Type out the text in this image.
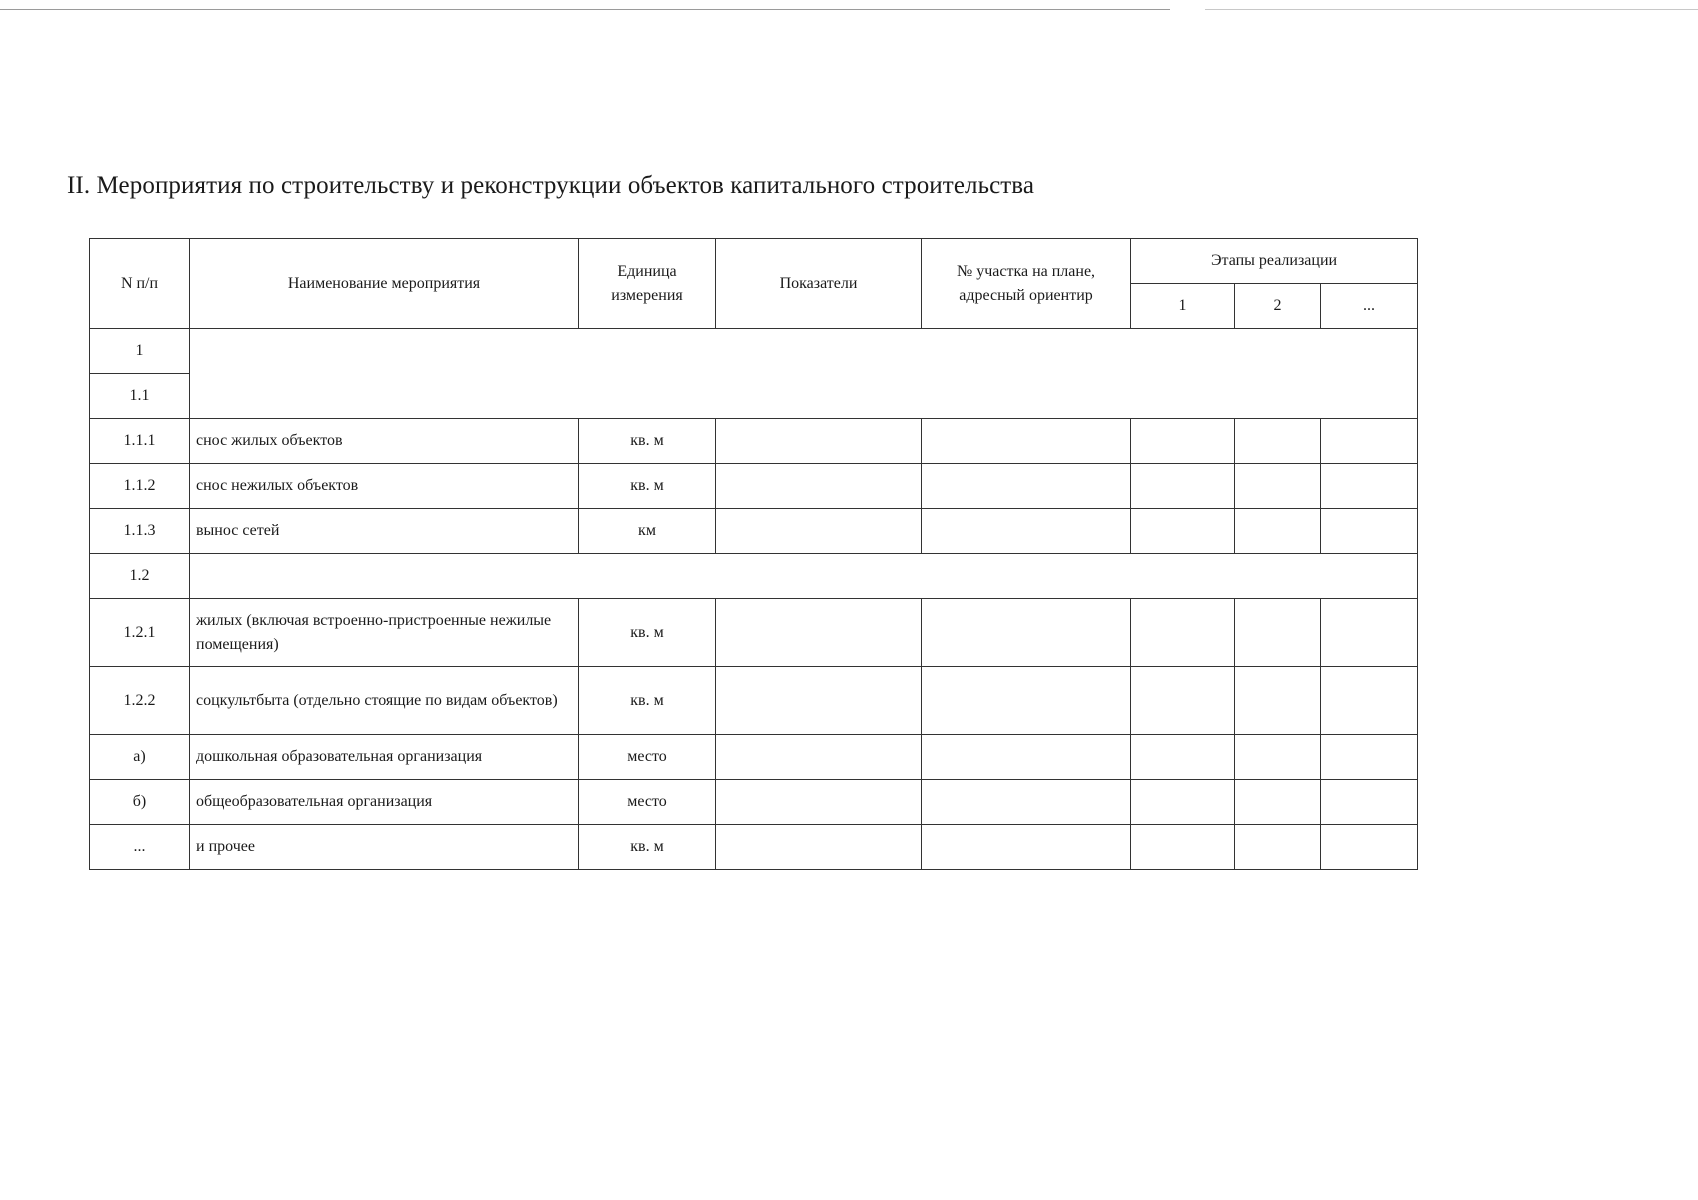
II. Мероприятия по строительству и реконструкции объектов капитального строительства
N п/п	Наименование мероприятия	Единица измерения	Показатели	№ участка на плане, адресный ориентир	Этапы реализации		
					1	2	...
1							
1.1							
1.1.1	снос жилых объектов	кв. м					
1.1.2	снос нежилых объектов	кв. м					
1.1.3	вынос сетей	км					
1.2							
1.2.1	жилых (включая встроенно-пристроенные нежилые помещения)	кв. м					
1.2.2	соцкультбыта (отдельно стоящие по видам объектов)	кв. м					
а)	дошкольная образовательная организация	место					
б)	общеобразовательная организация	место					
...	и прочее	кв. м					
